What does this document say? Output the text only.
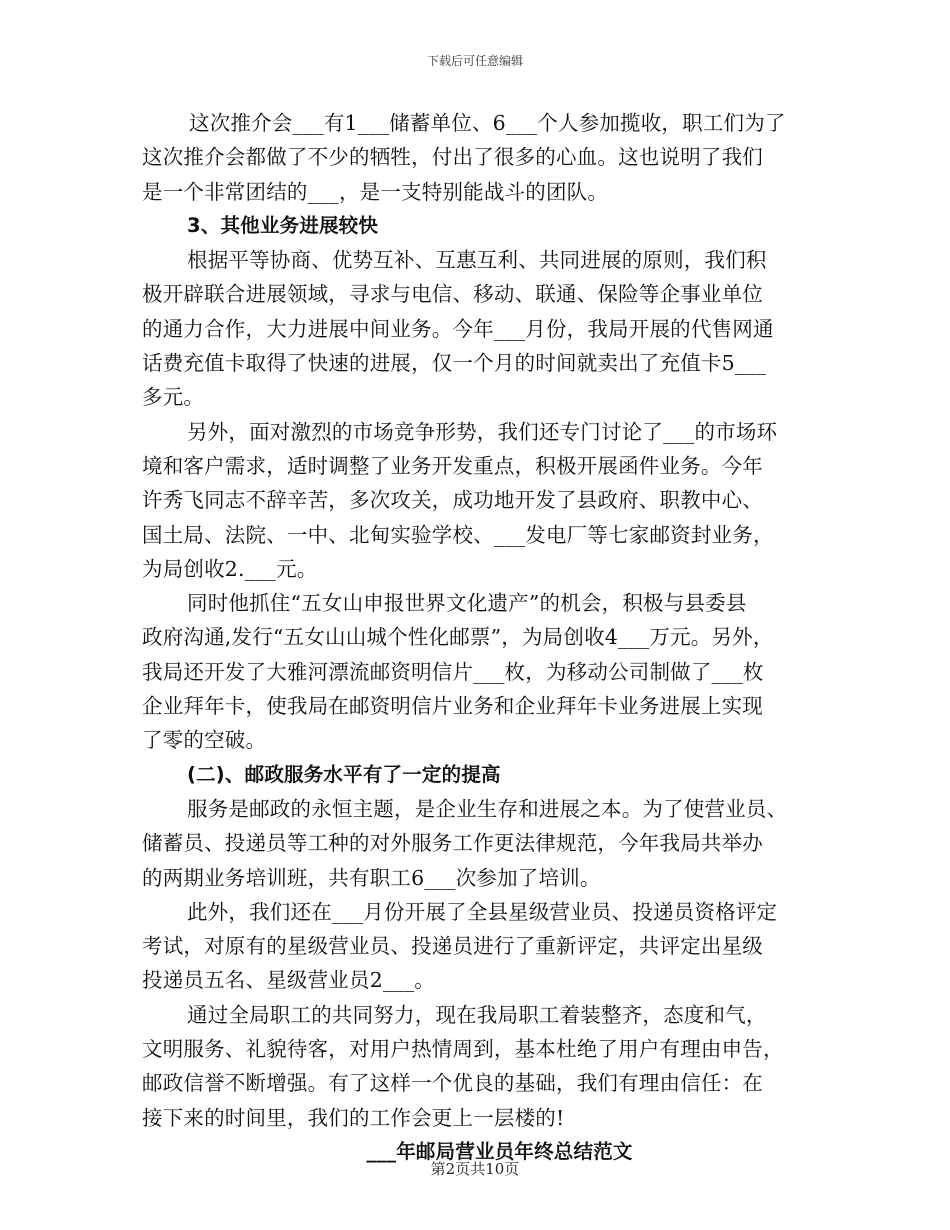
下载后可任意编辑
这次推介会___有1___储蓄单位、6___个人参加揽收，职工们为了
这次推介会都做了不少的牺牲，付出了很多的心血。这也说明了我们
是一个非常团结的___，是一支特别能战斗的团队。
3、其他业务进展较快
根据平等协商、优势互补、互惠互利、共同进展的原则，我们积
极开辟联合进展领域，寻求与电信、移动、联通、保险等企事业单位
的通力合作，大力进展中间业务。今年___月份，我局开展的代售网通
话费充值卡取得了快速的进展，仅一个月的时间就卖出了充值卡5___
多元。
另外，面对激烈的市场竞争形势，我们还专门讨论了___的市场环
境和客户需求，适时调整了业务开发重点，积极开展函件业务。今年
许秀飞同志不辞辛苦，多次攻关，成功地开发了县政府、职教中心、
国土局、法院、一中、北甸实验学校、___发电厂等七家邮资封业务，
为局创收2.___元。
同时他抓住“五女山申报世界文化遗产”的机会，积极与县委县
政府沟通,发行“五女山山城个性化邮票”，为局创收4___万元。另外，
我局还开发了大雅河漂流邮资明信片___枚，为移动公司制做了___枚
企业拜年卡，使我局在邮资明信片业务和企业拜年卡业务进展上实现
了零的空破。
(二)、邮政服务水平有了一定的提高
服务是邮政的永恒主题，是企业生存和进展之本。为了使营业员、
储蓄员、投递员等工种的对外服务工作更法律规范，今年我局共举办
的两期业务培训班，共有职工6___次参加了培训。
此外，我们还在___月份开展了全县星级营业员、投递员资格评定
考试，对原有的星级营业员、投递员进行了重新评定，共评定出星级
投递员五名、星级营业员2___。
通过全局职工的共同努力，现在我局职工着装整齐，态度和气，
文明服务、礼貌待客，对用户热情周到，基本杜绝了用户有理由申告，
邮政信誉不断增强。有了这样一个优良的基础，我们有理由信任：在
接下来的时间里，我们的工作会更上一层楼的!
___年邮局营业员年终总结范文
第2页共10页
